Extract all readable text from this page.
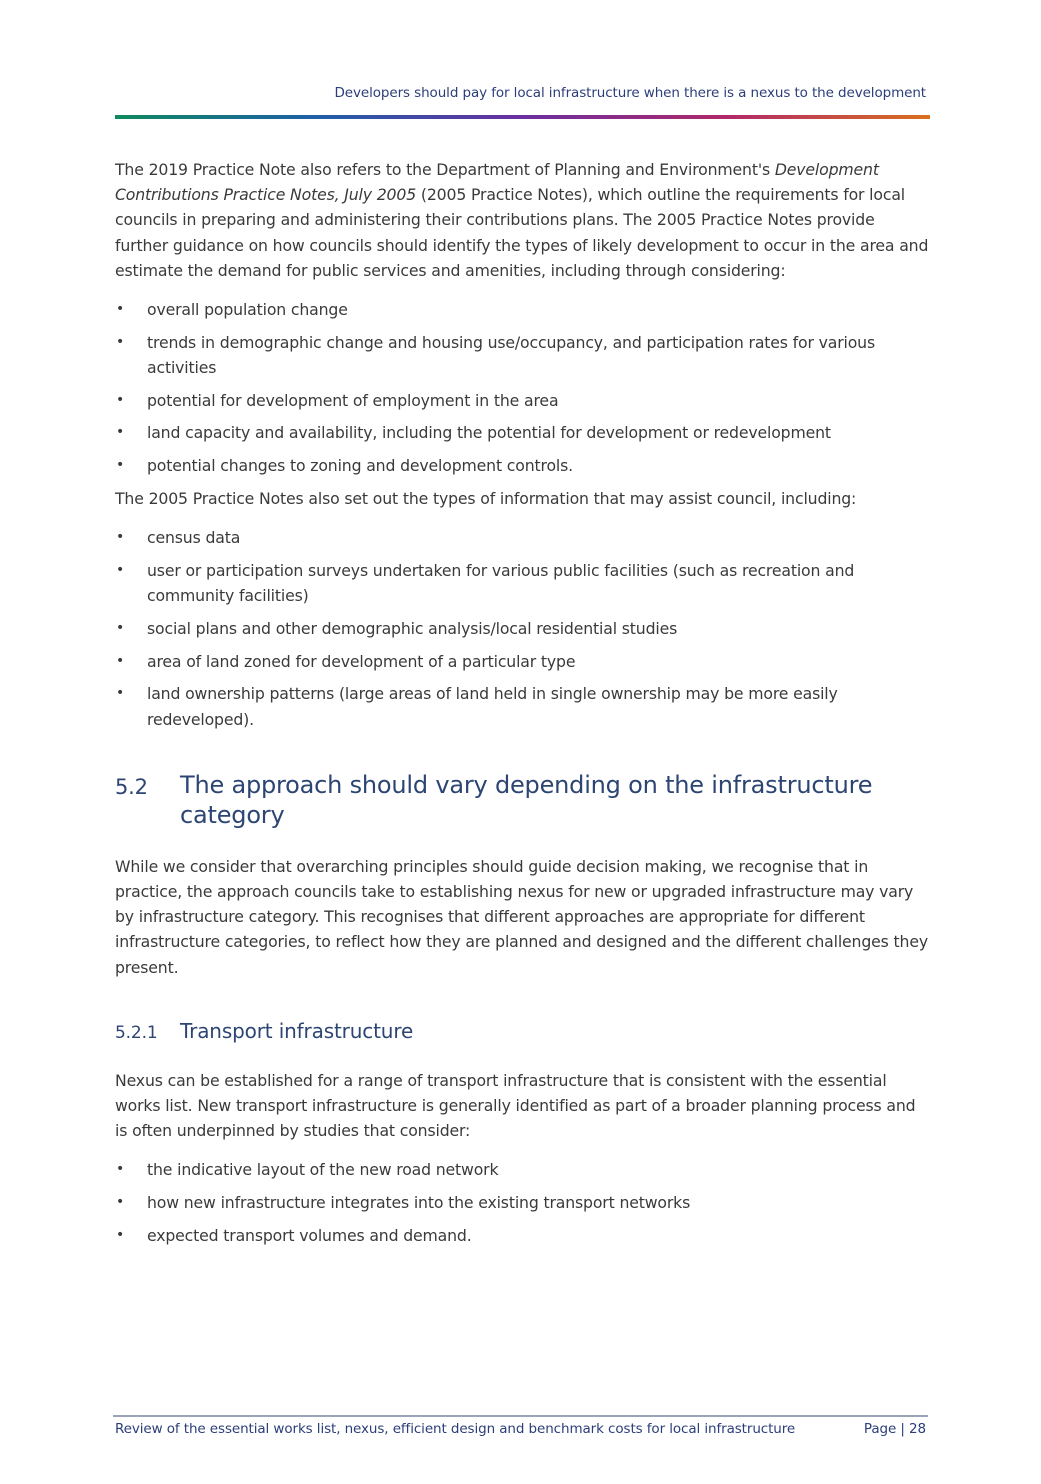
Developers should pay for local infrastructure when there is a nexus to the development

The 2019 Practice Note also refers to the Department of Planning and Environment's Development Contributions Practice Notes, July 2005 (2005 Practice Notes), which outline the requirements for local councils in preparing and administering their contributions plans. The 2005 Practice Notes provide further guidance on how councils should identify the types of likely development to occur in the area and estimate the demand for public services and amenities, including through considering:

• overall population change
• trends in demographic change and housing use/occupancy, and participation rates for various activities
• potential for development of employment in the area
• land capacity and availability, including the potential for development or redevelopment
• potential changes to zoning and development controls.

The 2005 Practice Notes also set out the types of information that may assist council, including:

• census data
• user or participation surveys undertaken for various public facilities (such as recreation and community facilities)
• social plans and other demographic analysis/local residential studies
• area of land zoned for development of a particular type
• land ownership patterns (large areas of land held in single ownership may be more easily redeveloped).
5.2	The approach should vary depending on the infrastructure category

While we consider that overarching principles should guide decision making, we recognise that in practice, the approach councils take to establishing nexus for new or upgraded infrastructure may vary by infrastructure category. This recognises that different approaches are appropriate for different infrastructure categories, to reflect how they are planned and designed and the different challenges they present.

5.2.1	Transport infrastructure

Nexus can be established for a range of transport infrastructure that is consistent with the essential works list. New transport infrastructure is generally identified as part of a broader planning process and is often underpinned by studies that consider:

• the indicative layout of the new road network
• how new infrastructure integrates into the existing transport networks
• expected transport volumes and demand.
Review of the essential works list, nexus, efficient design and benchmark costs for local infrastructure	Page | 28
